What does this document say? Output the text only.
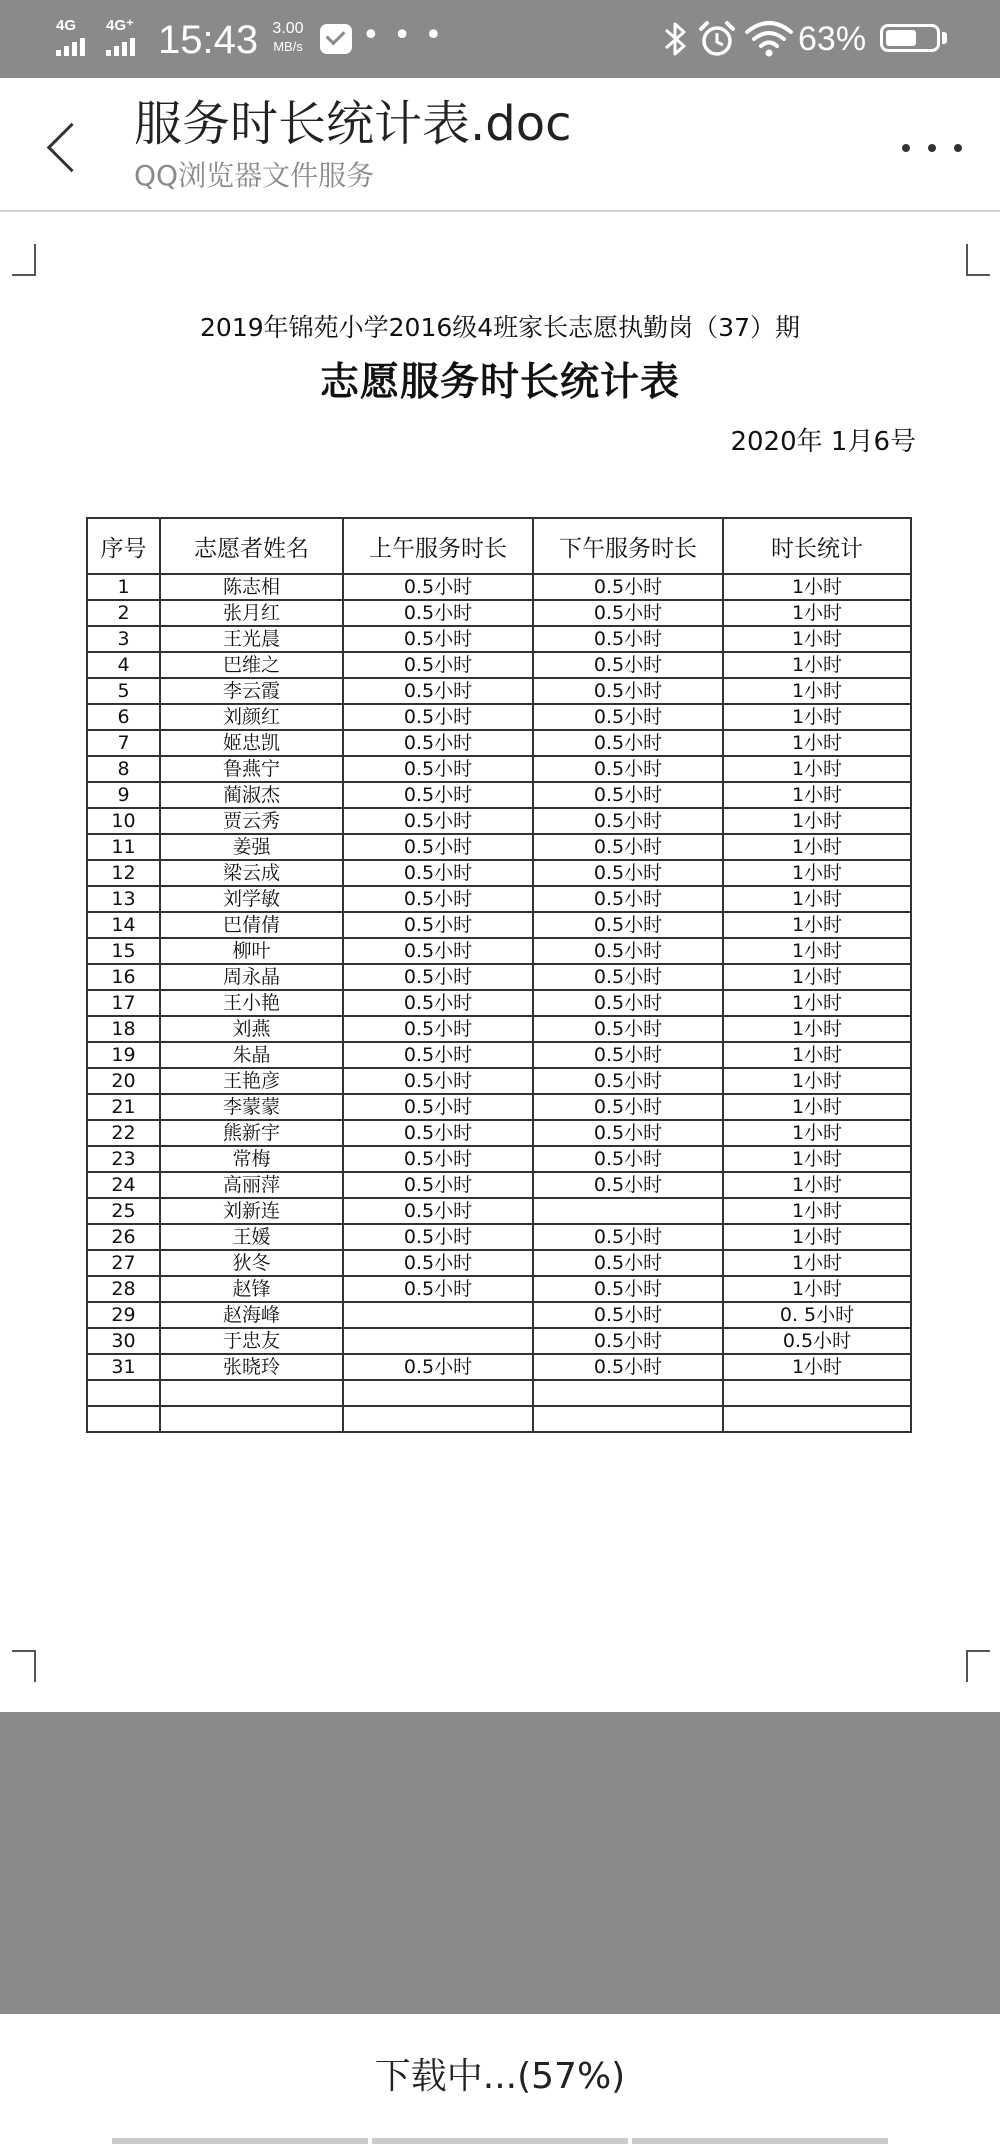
4G 4G⁺ 15:43 3.00
MB/s	• • •	63%
服务时长统计表.doc
QQ浏览器文件服务
2019年锦苑小学2016级4班家长志愿执勤岗（37）期
志愿服务时长统计表
2020年 1月6号
序号	志愿者姓名	上午服务时长	下午服务时长	时长统计
1	陈志相	0.5小时	0.5小时	1小时
2	张月红	0.5小时	0.5小时	1小时
3	王光晨	0.5小时	0.5小时	1小时
4	巴维之	0.5小时	0.5小时	1小时
5	李云霞	0.5小时	0.5小时	1小时
6	刘颜红	0.5小时	0.5小时	1小时
7	姬忠凯	0.5小时	0.5小时	1小时
8	鲁燕宁	0.5小时	0.5小时	1小时
9	蔺淑杰	0.5小时	0.5小时	1小时
10	贾云秀	0.5小时	0.5小时	1小时
11	姜强	0.5小时	0.5小时	1小时
12	梁云成	0.5小时	0.5小时	1小时
13	刘学敏	0.5小时	0.5小时	1小时
14	巴倩倩	0.5小时	0.5小时	1小时
15	柳叶	0.5小时	0.5小时	1小时
16	周永晶	0.5小时	0.5小时	1小时
17	王小艳	0.5小时	0.5小时	1小时
18	刘燕	0.5小时	0.5小时	1小时
19	朱晶	0.5小时	0.5小时	1小时
20	王艳彦	0.5小时	0.5小时	1小时
21	李蒙蒙	0.5小时	0.5小时	1小时
22	熊新宇	0.5小时	0.5小时	1小时
23	常梅	0.5小时	0.5小时	1小时
24	高丽萍	0.5小时	0.5小时	1小时
25	刘新连	0.5小时		1小时
26	王媛	0.5小时	0.5小时	1小时
27	狄冬	0.5小时	0.5小时	1小时
28	赵锋	0.5小时	0.5小时	1小时
29	赵海峰		0.5小时	0. 5小时
30	于忠友		0.5小时	0.5小时
31	张晓玲	0.5小时	0.5小时	1小时

下载中...(57%)
